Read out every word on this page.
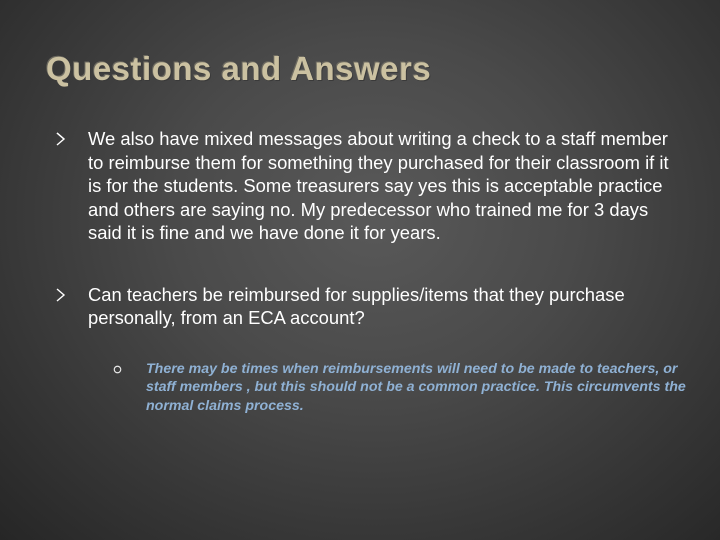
Questions and Answers
We also have mixed messages about writing a check to a staff member to reimburse them for something they purchased for their classroom if it is for the students. Some treasurers say yes this is acceptable practice and others are saying no. My predecessor who trained me for 3 days said it is fine and we have done it for years.
Can teachers be reimbursed for supplies/items that they purchase personally, from an ECA account?
There may be times when reimbursements will need to be made to teachers, or staff members , but this should not be a common practice. This circumvents the normal claims process.
